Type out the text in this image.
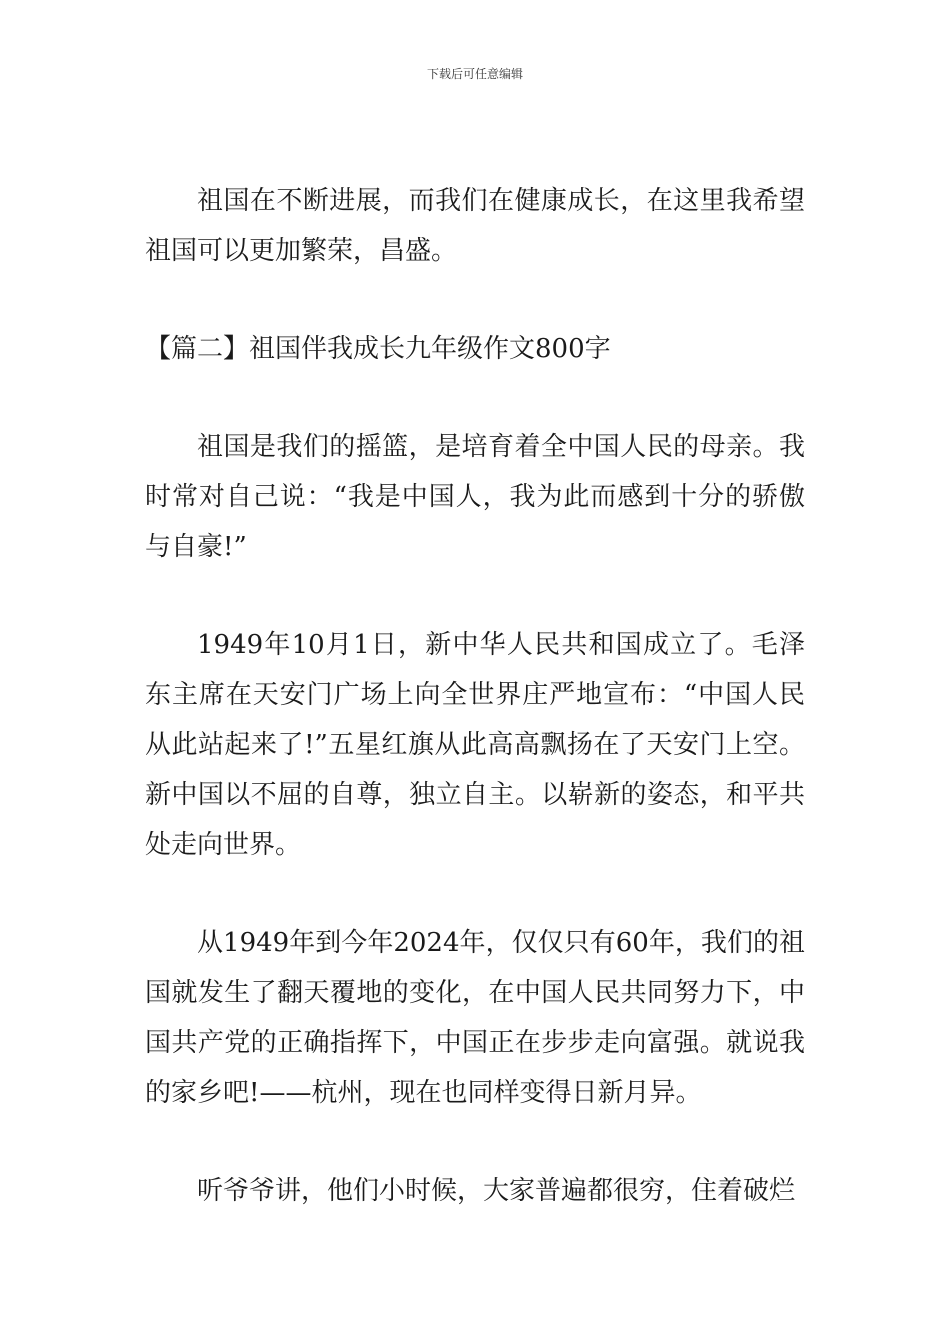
下载后可任意编辑

祖国在不断进展，而我们在健康成长，在这里我希望祖国可以更加繁荣，昌盛。

【篇二】祖国伴我成长九年级作文800字

祖国是我们的摇篮，是培育着全中国人民的母亲。我时常对自己说：“我是中国人，我为此而感到十分的骄傲与自豪!”

1949年10月1日，新中华人民共和国成立了。毛泽东主席在天安门广场上向全世界庄严地宣布：“中国人民从此站起来了!”五星红旗从此高高飘扬在了天安门上空。新中国以不屈的自尊，独立自主。以崭新的姿态，和平共处走向世界。

从1949年到今年2024年，仅仅只有60年，我们的祖国就发生了翻天覆地的变化，在中国人民共同努力下，中国共产党的正确指挥下，中国正在步步走向富强。就说我的家乡吧!——杭州，现在也同样变得日新月异。

听爷爷讲，他们小时候，大家普遍都很穷，住着破烂
